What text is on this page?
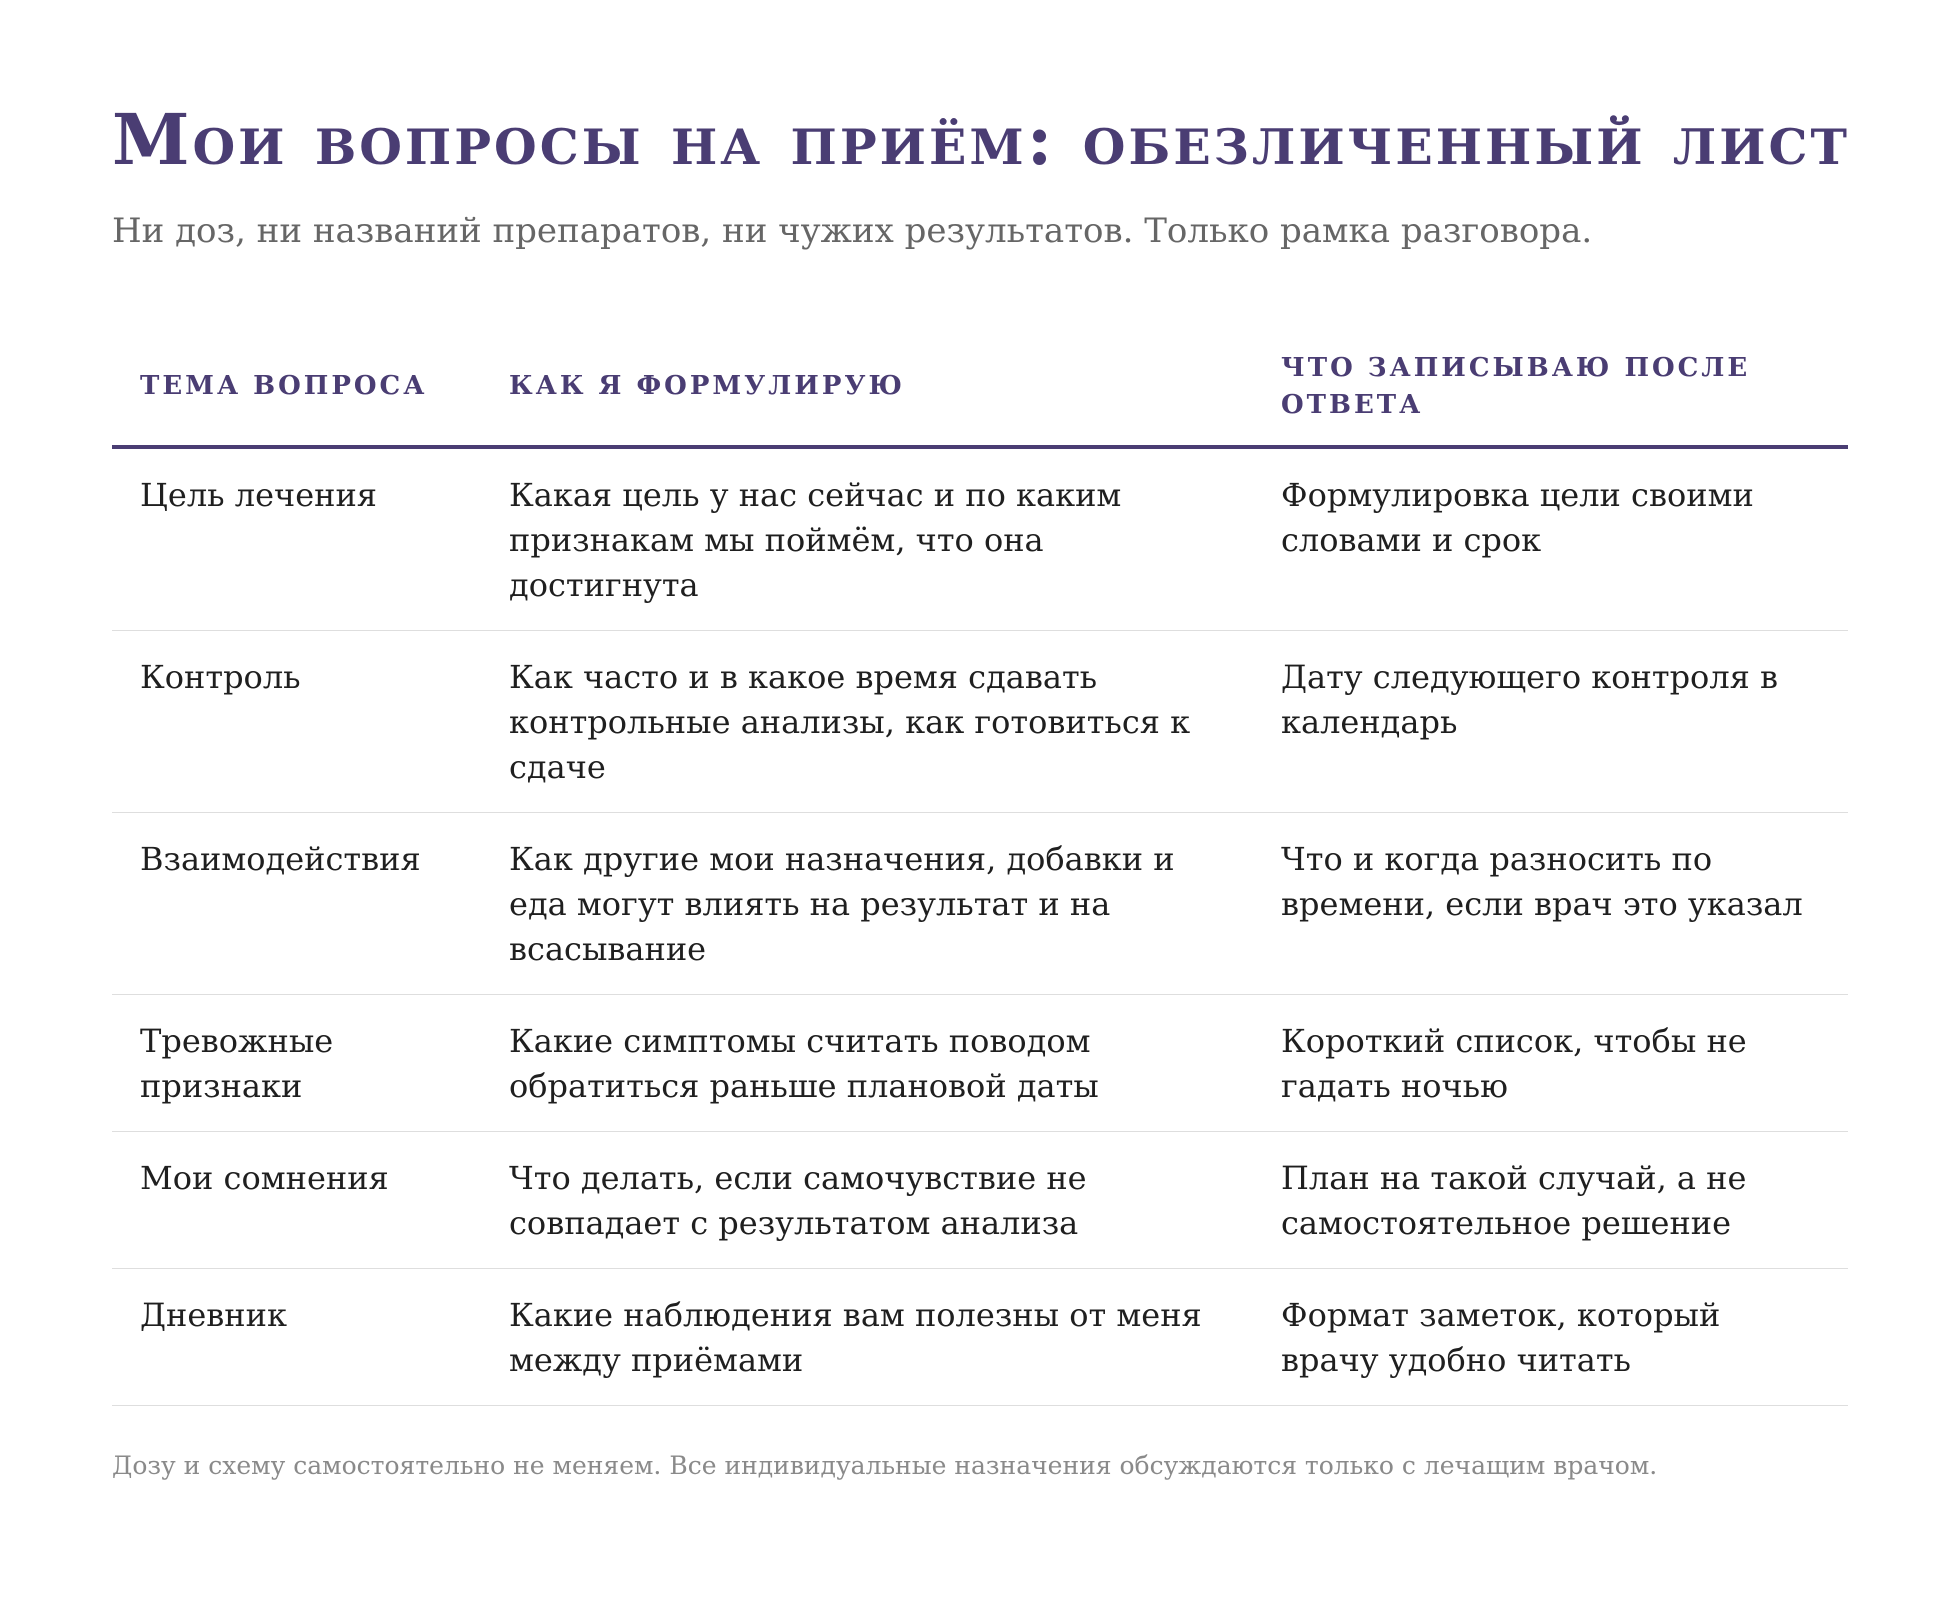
Мои вопросы на приём: обезличенный лист

Ни доз, ни названий препаратов, ни чужих результатов. Только рамка разговора.

ТЕМА ВОПРОСА	КАК Я ФОРМУЛИРУЮ	ЧТО ЗАПИСЫВАЮ ПОСЛЕ ОТВЕТА
Цель лечения	Какая цель у нас сейчас и по каким признакам мы поймём, что она достигнута	Формулировка цели своими словами и срок
Контроль	Как часто и в какое время сдавать контрольные анализы, как готовиться к сдаче	Дату следующего контроля в календарь
Взаимодействия	Как другие мои назначения, добавки и еда могут влиять на результат и на всасывание	Что и когда разносить по времени, если врач это указал
Тревожные признаки	Какие симптомы считать поводом обратиться раньше плановой даты	Короткий список, чтобы не гадать ночью
Мои сомнения	Что делать, если самочувствие не совпадает с результатом анализа	План на такой случай, а не самостоятельное решение
Дневник	Какие наблюдения вам полезны от меня между приёмами	Формат заметок, который врачу удобно читать

Дозу и схему самостоятельно не меняем. Все индивидуальные назначения обсуждаются только с лечащим врачом.
